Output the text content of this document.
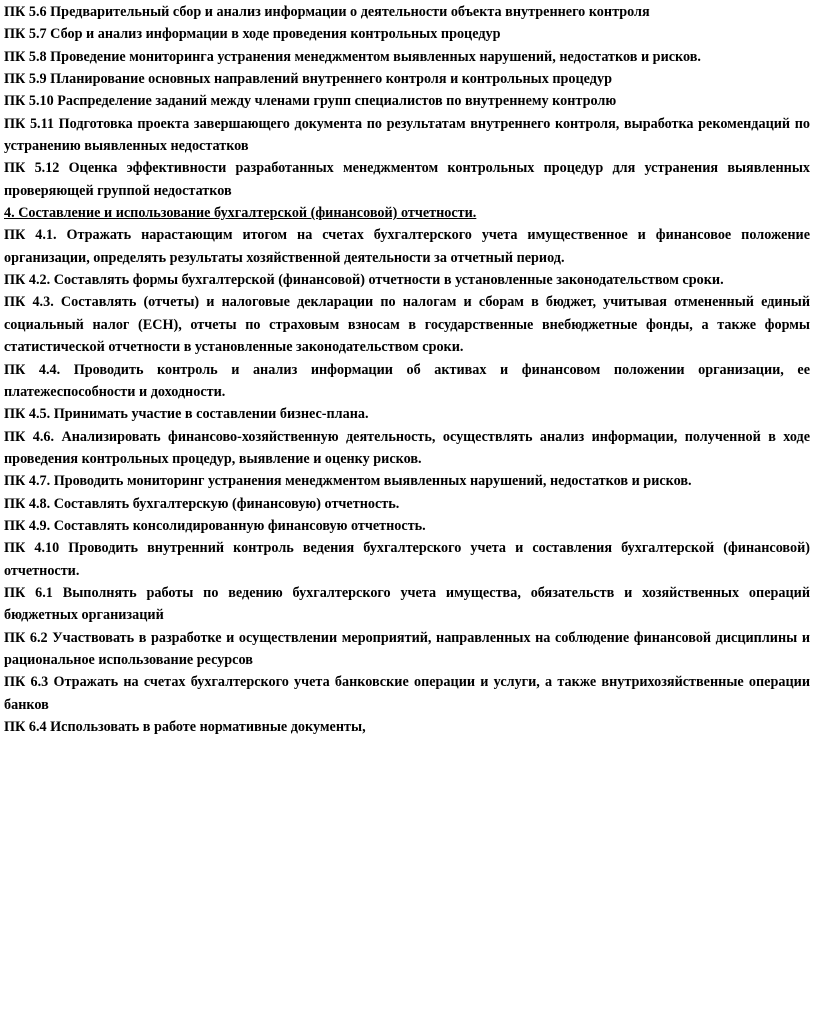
ПК 5.6 Предварительный сбор и анализ информации о деятельности объекта внутреннего контроля

ПК 5.7 Сбор и анализ информации в ходе проведения контрольных процедур

ПК 5.8 Проведение мониторинга устранения менеджментом выявленных нарушений, недостатков и рисков.

ПК 5.9 Планирование основных направлений внутреннего контроля и контрольных процедур

ПК 5.10 Распределение заданий между членами групп специалистов по внутреннему контролю

ПК 5.11 Подготовка проекта завершающего документа по результатам внутреннего контроля, выработка рекомендаций по устранению выявленных недостатков

ПК 5.12 Оценка эффективности разработанных менеджментом контрольных процедур для устранения выявленных проверяющей группой недостатков

4. Составление и использование бухгалтерской (финансовой) отчетности.

ПК 4.1. Отражать нарастающим итогом на счетах бухгалтерского учета имущественное и финансовое положение организации, определять результаты хозяйственной деятельности за отчетный период.

ПК 4.2. Составлять формы бухгалтерской (финансовой) отчетности в установленные законодательством сроки.

ПК 4.3. Составлять (отчеты) и налоговые декларации по налогам и сборам в бюджет, учитывая отмененный единый социальный налог (ЕСН), отчеты по страховым взносам в государственные внебюджетные фонды, а также формы статистической отчетности в установленные законодательством сроки.

ПК 4.4. Проводить контроль и анализ информации об активах и финансовом положении организации, ее платежеспособности и доходности.

ПК 4.5. Принимать участие в составлении бизнес-плана.

ПК 4.6. Анализировать финансово-хозяйственную деятельность, осуществлять анализ информации, полученной в ходе проведения контрольных процедур, выявление и оценку рисков.

ПК 4.7. Проводить мониторинг устранения менеджментом выявленных нарушений, недостатков и рисков.

ПК 4.8. Составлять бухгалтерскую (финансовую) отчетность.

ПК 4.9. Составлять консолидированную финансовую отчетность.

ПК 4.10 Проводить внутренний контроль ведения бухгалтерского учета и составления бухгалтерской (финансовой) отчетности.

ПК 6.1 Выполнять работы по ведению бухгалтерского учета имущества, обязательств и хозяйственных операций бюджетных организаций

ПК 6.2 Участвовать в разработке и осуществлении мероприятий, направленных на соблюдение финансовой дисциплины и рациональное использование ресурсов

ПК 6.3 Отражать на счетах бухгалтерского учета банковские операции и услуги, а также внутрихозяйственные операции банков

ПК 6.4 Использовать в работе нормативные документы,
